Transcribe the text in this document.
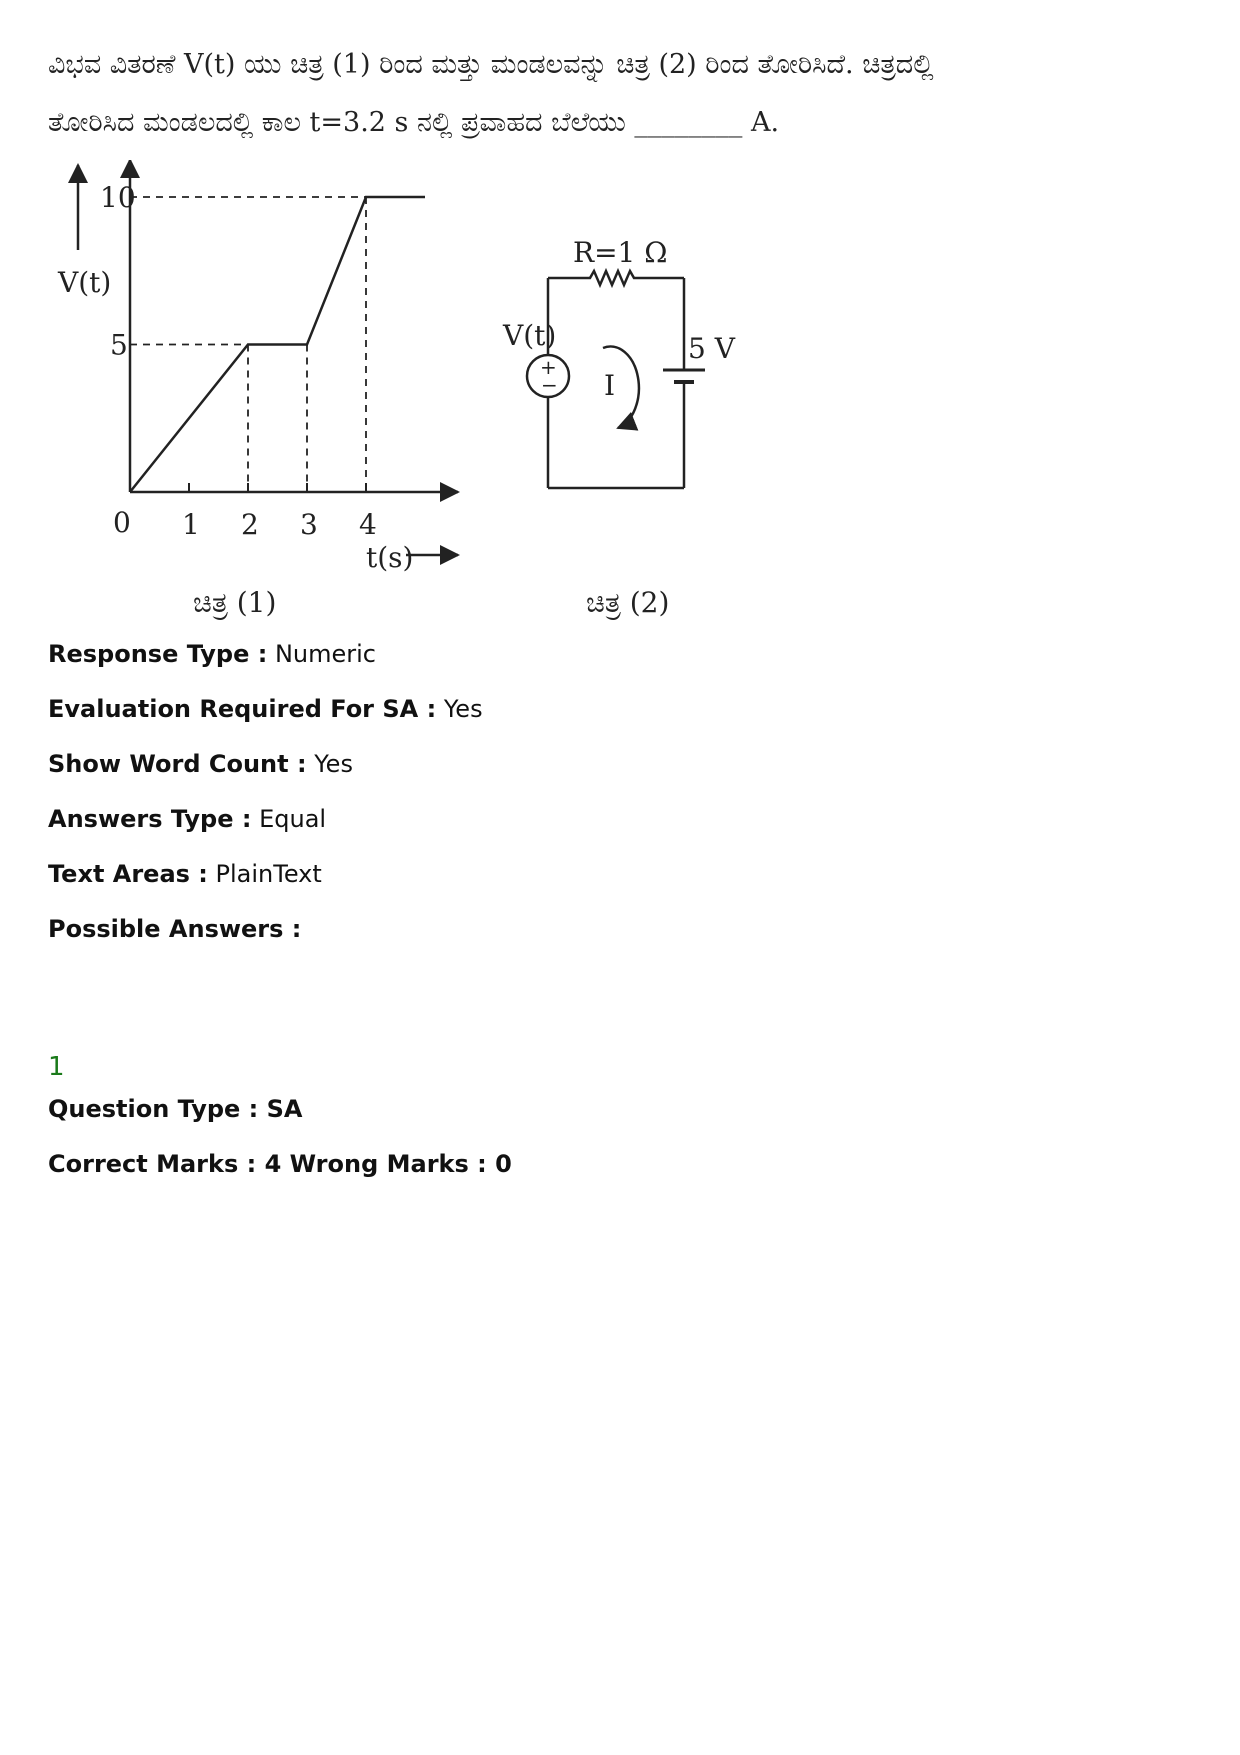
ವಿಭವ ವಿತರಣೆ V(t) ಯು ಚಿತ್ರ (1) ರಿಂದ ಮತ್ತು ಮಂಡಲವನ್ನು ಚಿತ್ರ (2) ರಿಂದ ತೋರಿಸಿದೆ. ಚಿತ್ರದಲ್ಲಿ
ತೋರಿಸಿದ ಮಂಡಲದಲ್ಲಿ ಕಾಲ t=3.2 s ನಲ್ಲಿ ಪ್ರವಾಹದ ಬೆಲೆಯು ________ A.
V(t)
t(s)
0 1 2 3 4
5
10
ಚಿತ್ರ (1)
+
−
V(t)
R=1 Ω
5 V
I
ಚಿತ್ರ (2)
Response Type : Numeric
Evaluation Required For SA : Yes
Show Word Count : Yes
Answers Type : Equal
Text Areas : PlainText
Possible Answers :
1
Question Type : SA
Correct Marks : 4 Wrong Marks : 0
